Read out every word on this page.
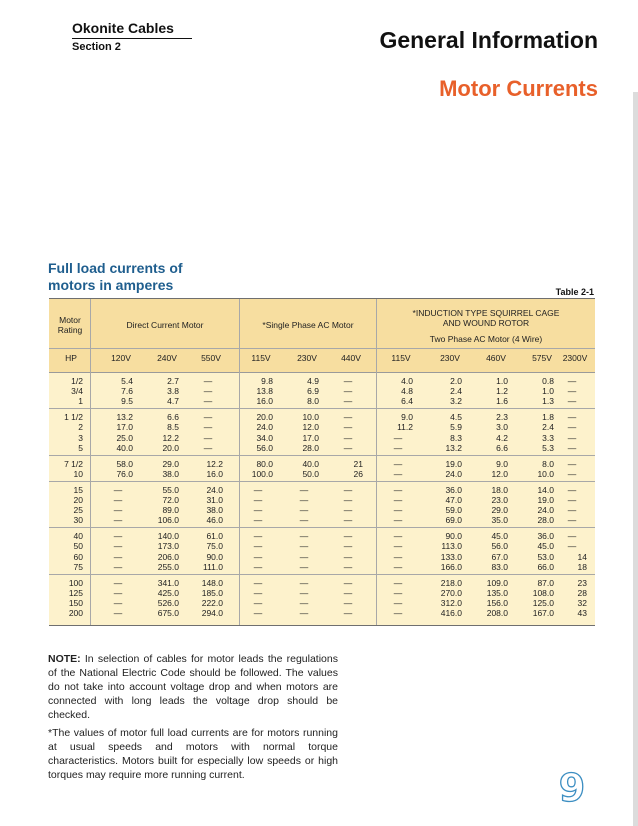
Okonite Cables
Section 2	General Information
Motor Currents
Full load currents of
motors in amperes	Table 2-1
Motor
Rating	Direct Current Motor	*Single Phase AC Motor
*INDUCTION TYPE SQUIRREL CAGE
AND WOUND ROTOR
Two Phase AC Motor (4 Wire)
HP	120V	240V	550V	115V	230V	440V	115V	230V	460V	575V	2300V
1/2	5.4	2.7	—	9.8	4.9	—	4.0	2.0	1.0	0.8	—
3/4	7.6	3.8	—	13.8	6.9	—	4.8	2.4	1.2	1.0	—
1	9.5	4.7	—	16.0	8.0	—	6.4	3.2	1.6	1.3	—
1 1/2	13.2	6.6	—	20.0	10.0	—	9.0	4.5	2.3	1.8	—
2	17.0	8.5	—	24.0	12.0	—	11.2	5.9	3.0	2.4	—
3	25.0	12.2	—	34.0	17.0	—	—	8.3	4.2	3.3	—
5	40.0	20.0	—	56.0	28.0	—	—	13.2	6.6	5.3	—
7 1/2	58.0	29.0	12.2	80.0	40.0	21	—	19.0	9.0	8.0	—
10	76.0	38.0	16.0	100.0	50.0	26	—	24.0	12.0	10.0	—
15	—	55.0	24.0	—	—	—	—	36.0	18.0	14.0	—
20	—	72.0	31.0	—	—	—	—	47.0	23.0	19.0	—
25	—	89.0	38.0	—	—	—	—	59.0	29.0	24.0	—
30	—	106.0	46.0	—	—	—	—	69.0	35.0	28.0	—
40	—	140.0	61.0	—	—	—	—	90.0	45.0	36.0	—
50	—	173.0	75.0	—	—	—	—	113.0	56.0	45.0	—
60	—	206.0	90.0	—	—	—	—	133.0	67.0	53.0	14
75	—	255.0	111.0	—	—	—	—	166.0	83.0	66.0	18
100	—	341.0	148.0	—	—	—	—	218.0	109.0	87.0	23
125	—	425.0	185.0	—	—	—	—	270.0	135.0	108.0	28
150	—	526.0	222.0	—	—	—	—	312.0	156.0	125.0	32
200	—	675.0	294.0	—	—	—	—	416.0	208.0	167.0	43

NOTE: In selection of cables for motor leads the regulations of the National Electric Code should be followed. The values do not take into account voltage drop and when motors are connected with long leads the voltage drop should be checked.

*The values of motor full load currents are for motors running at usual speeds and motors with normal torque characteristics. Motors built for especially low speeds or high torques may require more running current.	9
